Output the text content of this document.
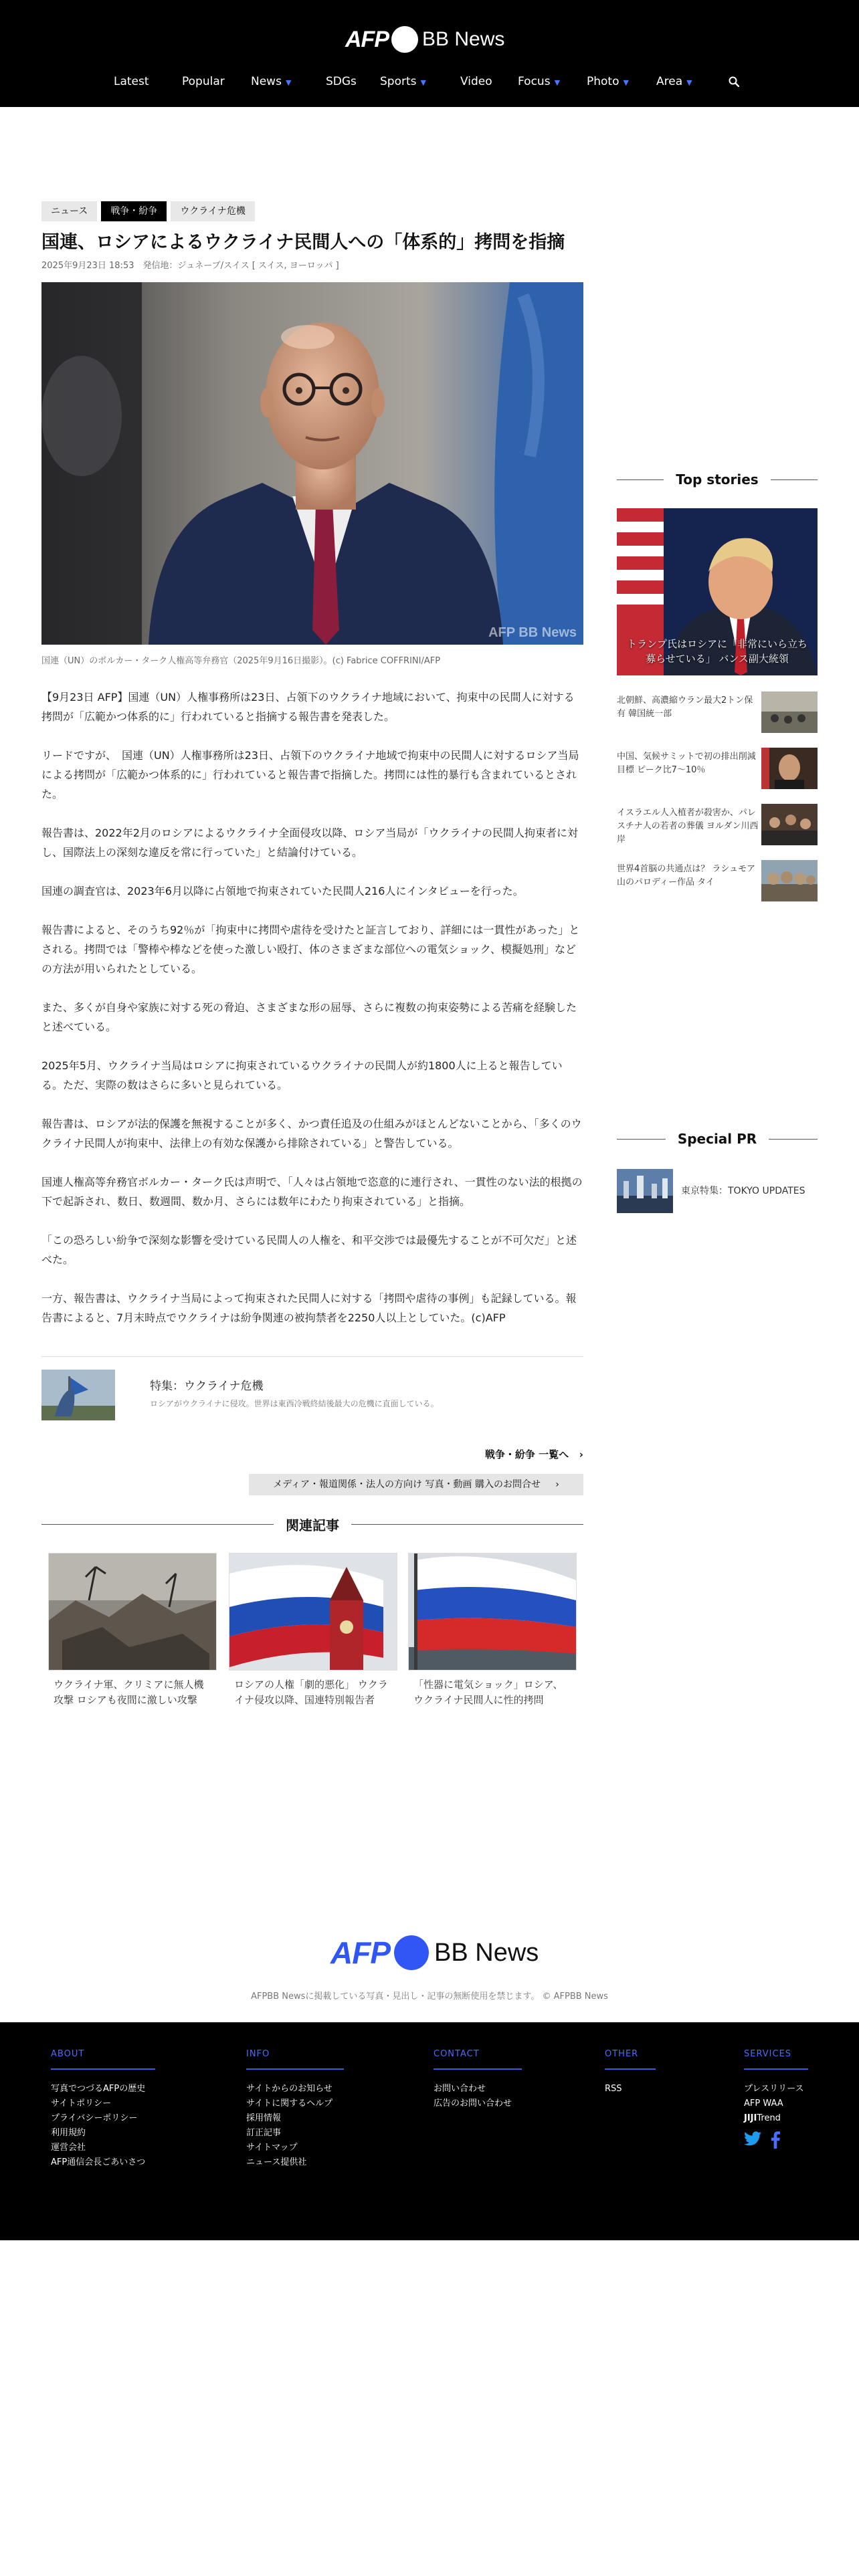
AFP BB News
Latest	Popular News ▼	SDGs Sports ▼	Video Focus ▼ Photo ▼ Area ▼
ニュース	戦争・紛争	ウクライナ危機
国連、ロシアによるウクライナ民間人への「体系的」拷問を指摘
2025年9月23日 18:53　発信地：ジュネーブ/スイス [ スイス, ヨーロッパ ]
AFP BB News
国連（UN）のボルカー・ターク人権高等弁務官（2025年9月16日撮影）。(c) Fabrice COFFRINI/AFP

【9月23日 AFP】国連（UN）人権事務所は23日、占領下のウクライナ地域において、拘束中の民間人に対する拷問が「広範かつ体系的に」行われていると指摘する報告書を発表した。

リードですが、　国連（UN）人権事務所は23日、占領下のウクライナ地域で拘束中の民間人に対するロシア当局による拷問が「広範かつ体系的に」行われていると報告書で指摘した。拷問には性的暴行も含まれているとされた。

報告書は、2022年2月のロシアによるウクライナ全面侵攻以降、ロシア当局が「ウクライナの民間人拘束者に対し、国際法上の深刻な違反を常に行っていた」と結論付けている。

国連の調査官は、2023年6月以降に占領地で拘束されていた民間人216人にインタビューを行った。

報告書によると、そのうち92％が「拘束中に拷問や虐待を受けたと証言しており、詳細には一貫性があった」とされる。拷問では「警棒や棒などを使った激しい殴打、体のさまざまな部位への電気ショック、模擬処刑」などの方法が用いられたとしている。

また、多くが自身や家族に対する死の脅迫、さまざまな形の屈辱、さらに複数の拘束姿勢による苦痛を経験したと述べている。

2025年5月、ウクライナ当局はロシアに拘束されているウクライナの民間人が約1800人に上ると報告している。ただ、実際の数はさらに多いと見られている。

報告書は、ロシアが法的保護を無視することが多く、かつ責任追及の仕組みがほとんどないことから、「多くのウクライナ民間人が拘束中、法律上の有効な保護から排除されている」と警告している。

国連人権高等弁務官ボルカー・ターク氏は声明で、「人々は占領地で恣意的に連行され、一貫性のない法的根拠の下で起訴され、数日、数週間、数か月、さらには数年にわたり拘束されている」と指摘。

「この恐ろしい紛争で深刻な影響を受けている民間人の人権を、和平交渉では最優先することが不可欠だ」と述べた。

一方、報告書は、ウクライナ当局によって拘束された民間人に対する「拷問や虐待の事例」も記録している。報告書によると、7月末時点でウクライナは紛争関連の被拘禁者を2250人以上としていた。(c)AFP

特集：ウクライナ危機
ロシアがウクライナに侵攻。世界は東西冷戦終結後最大の危機に直面している。
戦争・紛争 一覧へ   ›
メディア・報道関係・法人の方向け 写真・動画 購入のお問合せ     ›
関連記事
ウクライナ軍、クリミアに無人機攻撃 ロシアも夜間に激しい攻撃
ロシアの人権「劇的悪化」 ウクライナ侵攻以降、国連特別報告者
「性器に電気ショック」ロシア、ウクライナ民間人に性的拷問
Top stories
トランプ氏はロシアに「非常にいら立ち募らせている」 バンス副大統領
北朝鮮、高濃縮ウラン最大2トン保有 韓国統一部
中国、気候サミットで初の排出削減目標 ピーク比7～10％
イスラエル人入植者が殺害か、パレスチナ人の若者の葬儀 ヨルダン川西岸
世界4首脳の共通点は？ ラシュモア山のパロディー作品 タイ
Special PR
東京特集：TOKYO UPDATES
AFP BB News
AFPBB Newsに掲載している写真・見出し・記事の無断使用を禁じます。 © AFPBB News
ABOUT
写真でつづるAFPの歴史
サイトポリシー
プライバシーポリシー
利用規約
運営会社
AFP通信会長ごあいさつ
INFO
サイトからのお知らせ
サイトに関するヘルプ
採用情報
訂正記事
サイトマップ
ニュース提供社
CONTACT
お問い合わせ
広告のお問い合わせ
OTHER
RSS
SERVICES
プレスリリース
AFP WAA
JIJITrend
